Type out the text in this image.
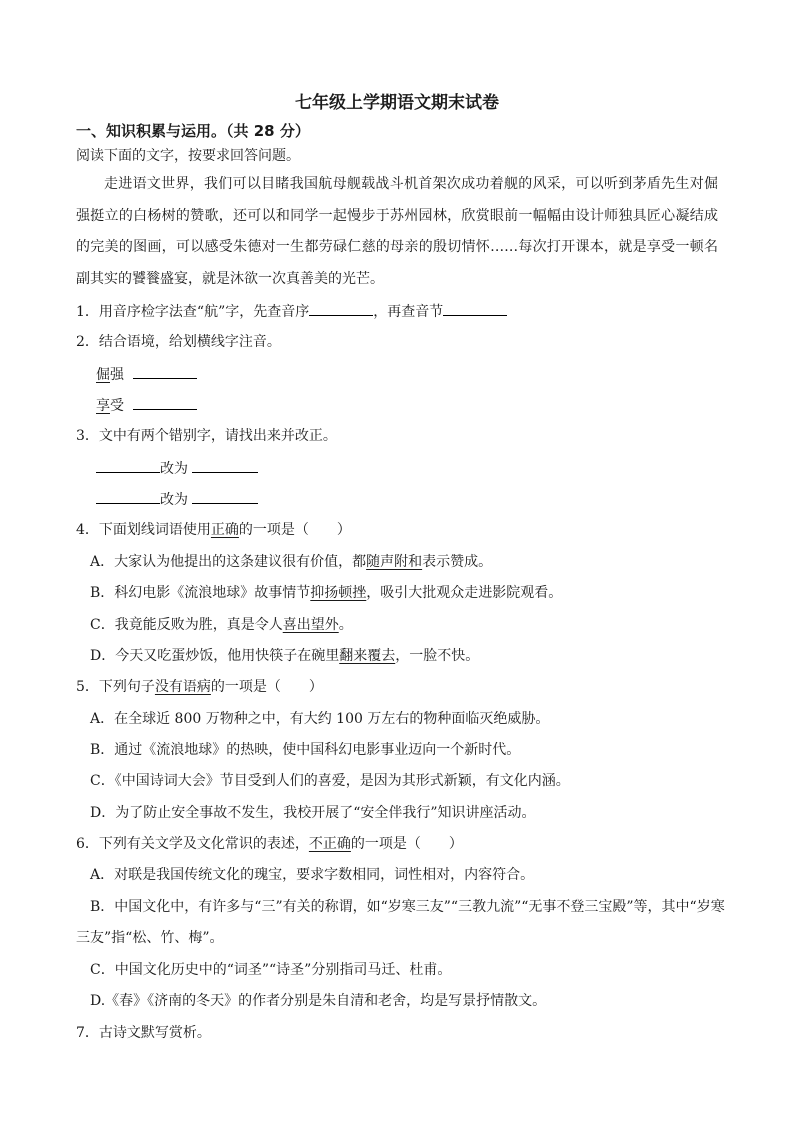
七年级上学期语文期末试卷
一、知识积累与运用。（共 28 分）
阅读下面的文字，按要求回答问题。
走进语文世界，我们可以目睹我国航母舰载战斗机首架次成功着舰的风采，可以听到茅盾先生对倔强挺立的白杨树的赞歌，还可以和同学一起慢步于苏州园林，欣赏眼前一幅幅由设计师独具匠心凝结成的完美的图画，可以感受朱德对一生都劳碌仁慈的母亲的殷切情怀……每次打开课本，就是享受一顿名副其实的饕餮盛宴，就是沐欲一次真善美的光芒。
1．用音序检字法查“航”字，先查音序	，再查音节
2．结合语境，给划横线字注音。
倔强
享受
3．文中有两个错别字，请找出来并改正。
改为
改为
4．下面划线词语使用正确的一项是（　　）
A．大家认为他提出的这条建议很有价值，都随声附和表示赞成。
B．科幻电影《流浪地球》故事情节抑扬顿挫，吸引大批观众走进影院观看。
C．我竟能反败为胜，真是令人喜出望外。
D．今天又吃蛋炒饭，他用快筷子在碗里翻来覆去，一脸不快。
5．下列句子没有语病的一项是（　　）
A．在全球近 800 万物种之中，有大约 100 万左右的物种面临灭绝威胁。
B．通过《流浪地球》的热映，使中国科幻电影事业迈向一个新时代。
C．《中国诗词大会》节目受到人们的喜爱，是因为其形式新颖，有文化内涵。
D．为了防止安全事故不发生，我校开展了“安全伴我行”知识讲座活动。
6．下列有关文学及文化常识的表述，不正确的一项是（　　）
A．对联是我国传统文化的瑰宝，要求字数相同，词性相对，内容符合。
B．中国文化中，有许多与“三”有关的称谓，如“岁寒三友”“三教九流”“无事不登三宝殿”等，其中“岁寒
三友”指“松、竹、梅”。
C．中国文化历史中的“词圣”“诗圣”分别指司马迁、杜甫。
D.《春》《济南的冬天》的作者分别是朱自清和老舍，均是写景抒情散文。
7．古诗文默写赏析。
